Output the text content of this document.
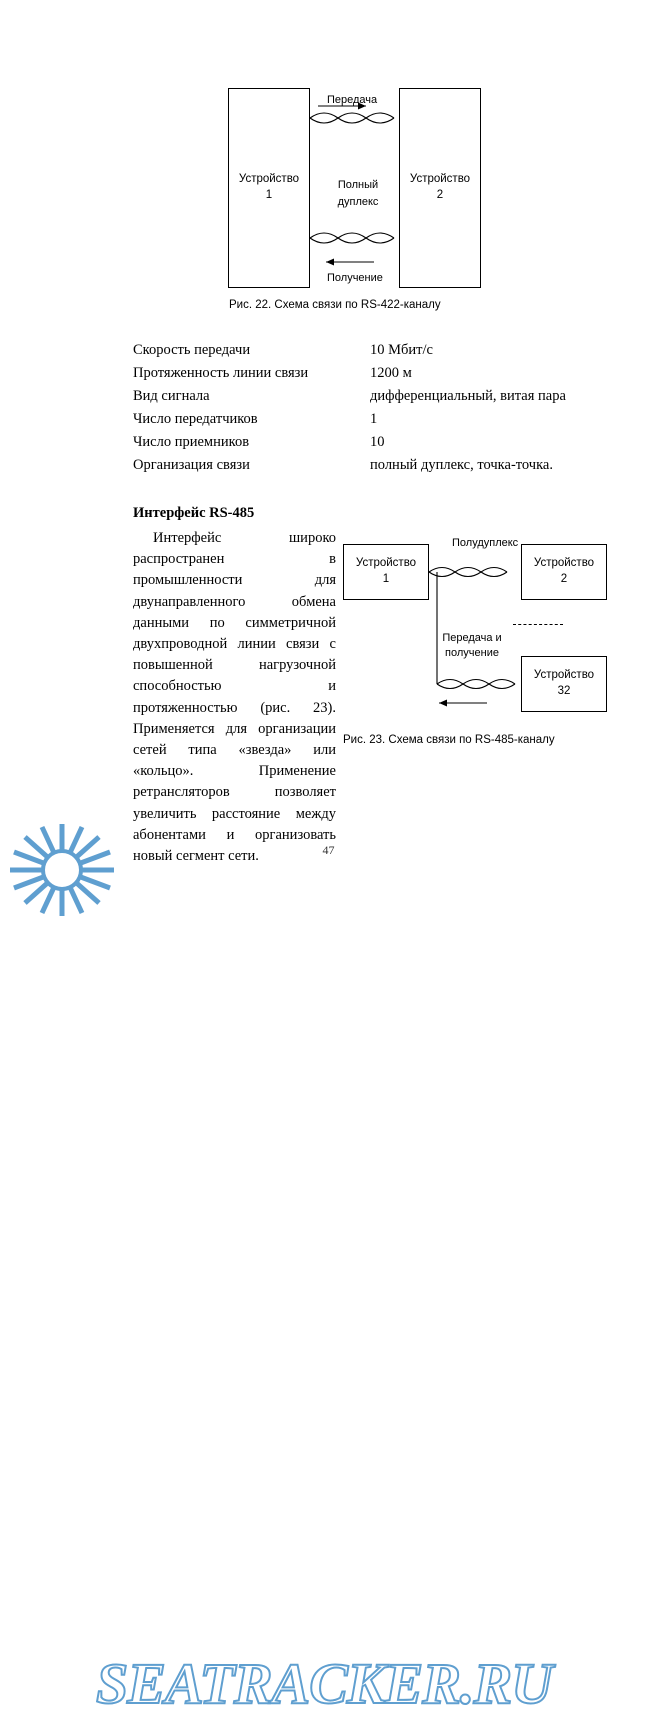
Устройство
1
Устройство
2
Передача
Получение
Полный
дуплекс
Рис. 22. Схема связи по RS-422-каналу
Скорость передачи	10 Мбит/с
Протяженность линии связи	1200 м
Вид сигнала	дифференциальный, витая пара
Число передатчиков	1
Число приемников	10
Организация связи	полный дуплекс, точка-точка.
Интерфейс RS-485
Интерфейс широко распространен в промышленности для двунаправленного обмена данными по симметричной двухпроводной линии связи с повышенной нагрузочной способностью и протяженностью (рис. 23). Применяется для организации сетей типа «звезда» или «кольцо». Применение ретрансляторов позволяет увеличить расстояние между абонентами и организовать новый сегмент сети.
Устройство
1
Устройство
2
Устройство
32
Полудуплекс
Передача и
получение
Рис. 23. Схема связи по RS-485-каналу
47
SEATRACKER.RU
